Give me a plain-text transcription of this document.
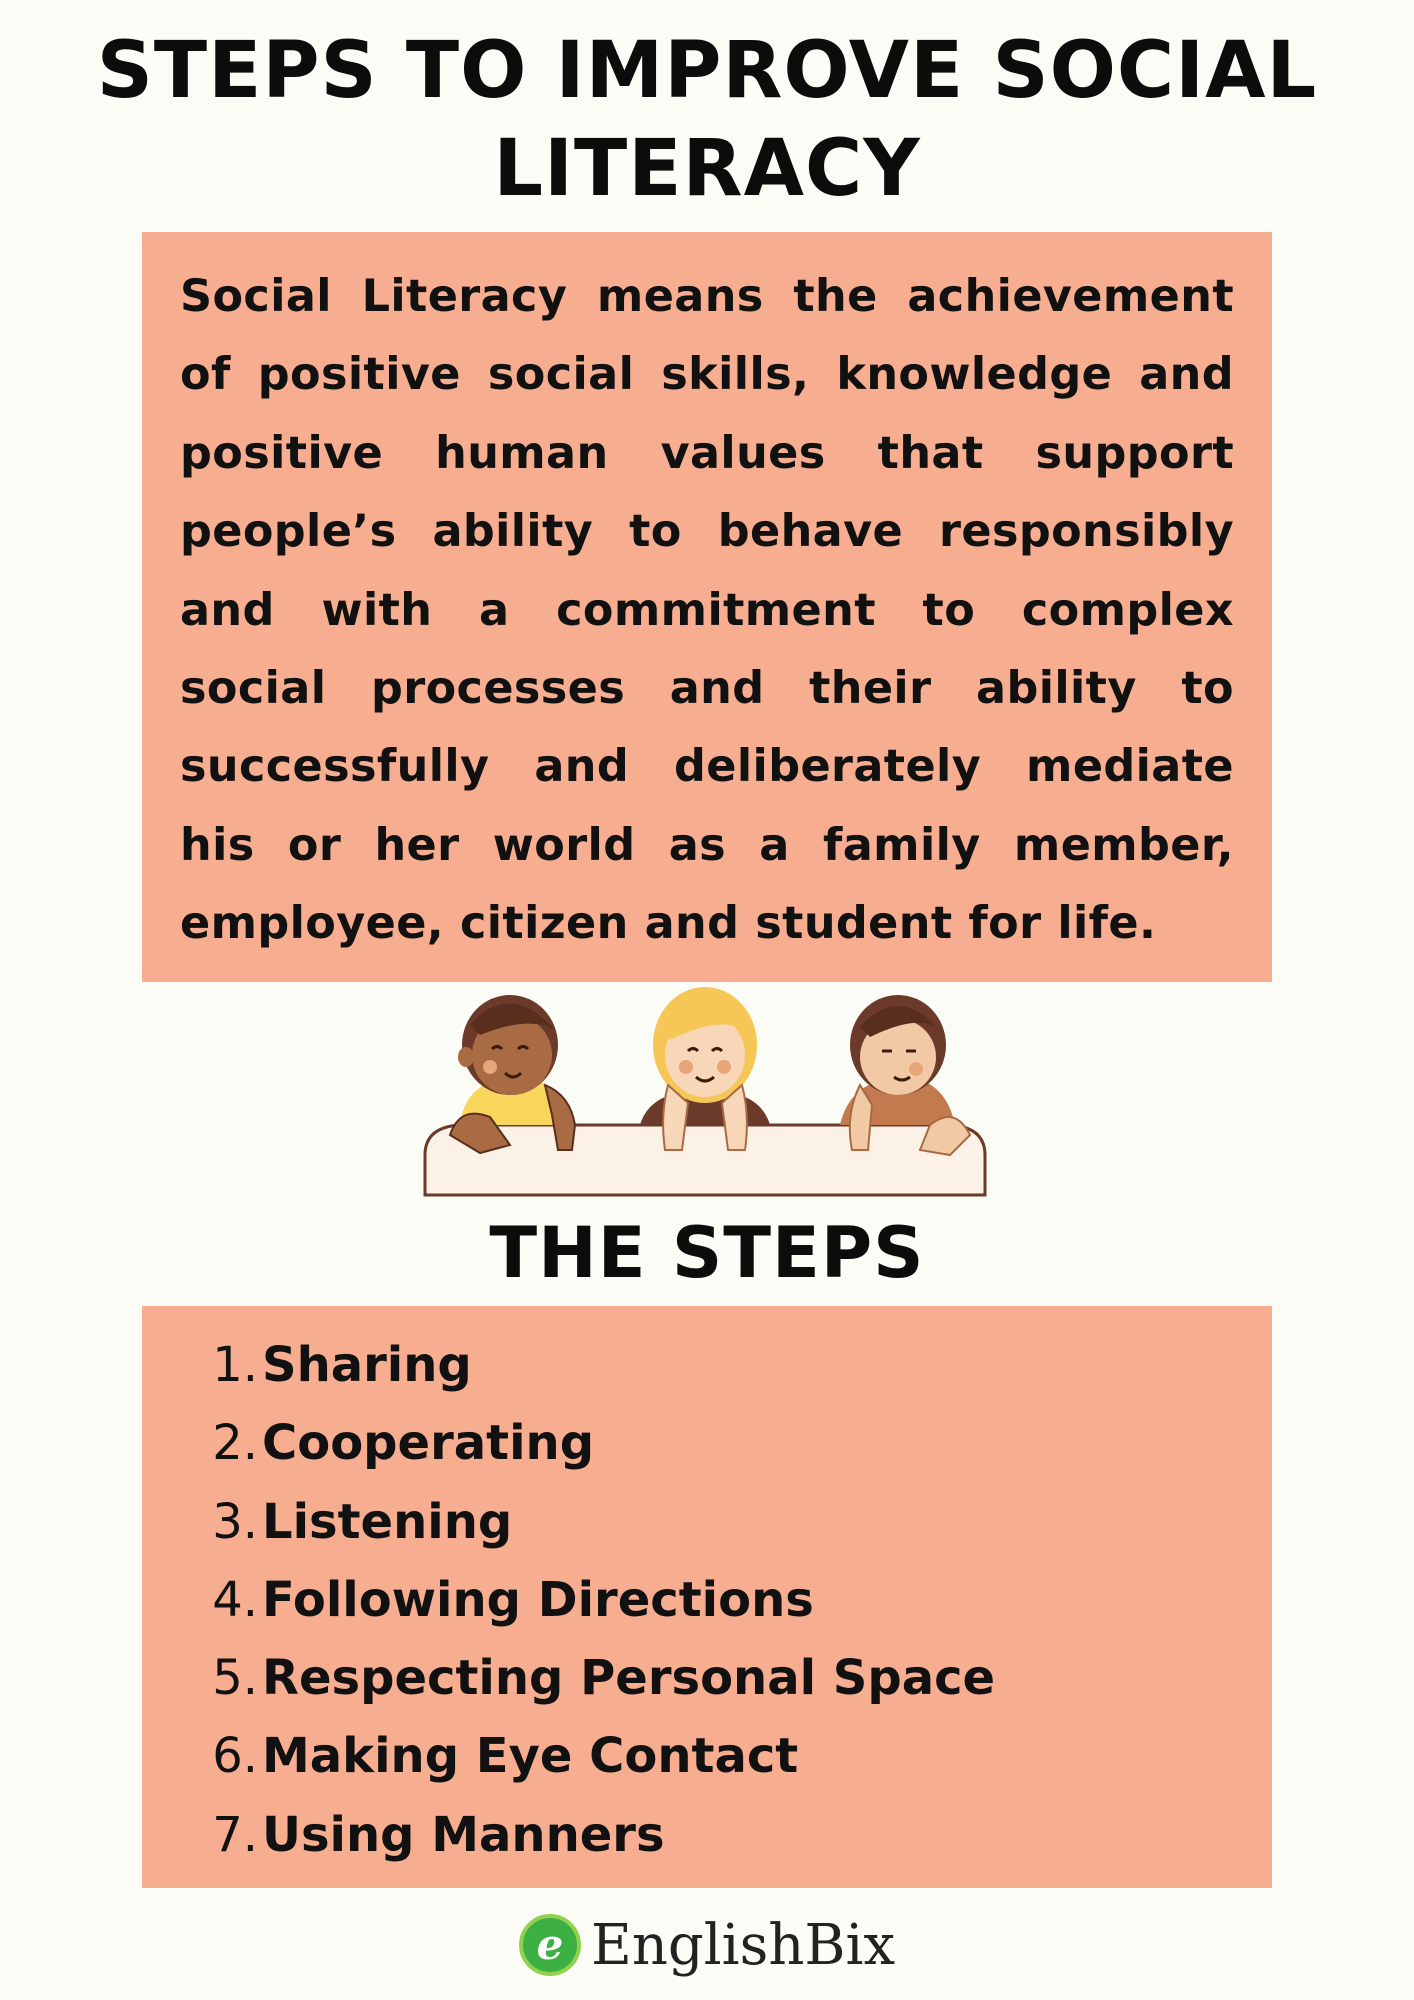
STEPS TO IMPROVE SOCIAL LITERACY

Social Literacy means the achievement of positive social skills, knowledge and positive human values that support people’s ability to behave responsibly and with a commitment to complex social processes and their ability to successfully and deliberately mediate his or her world as a family member, employee, citizen and student for life.

THE STEPS
1. Sharing
2. Cooperating
3. Listening
4. Following Directions
5. Respecting Personal Space
6. Making Eye Contact
7. Using Manners
e EnglishBix
